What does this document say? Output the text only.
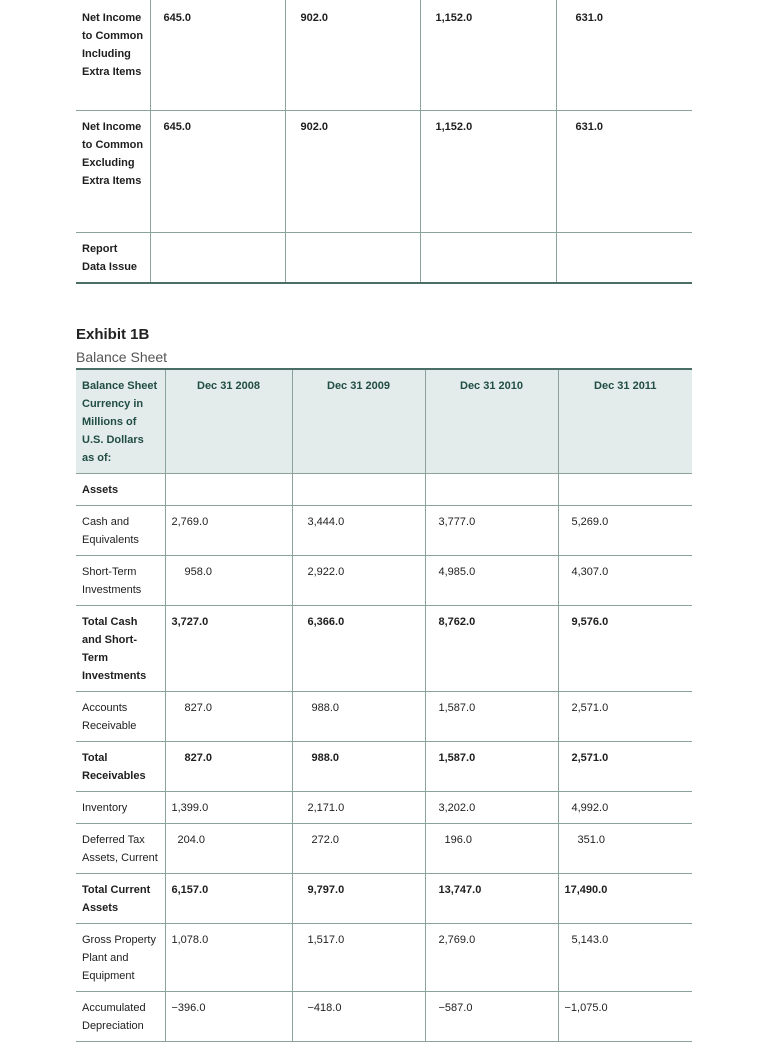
Net Income to Common Including Extra Items	645.0	902.0	1,152.0	631.0
Net Income to Common Excluding Extra Items	645.0	902.0	1,152.0	631.0
Report Data Issue				
Exhibit 1B
Balance Sheet
Balance Sheet Currency in Millions of U.S. Dollars as of:	Dec 31 2008	Dec 31 2009	Dec 31 2010	Dec 31 2011
Assets				
Cash and Equivalents	2,769.0	3,444.0	3,777.0	5,269.0
Short-Term Investments	958.0	2,922.0	4,985.0	4,307.0
Total Cash and Short-Term Investments	3,727.0	6,366.0	8,762.0	9,576.0
Accounts Receivable	827.0	988.0	1,587.0	2,571.0
Total Receivables	827.0	988.0	1,587.0	2,571.0
Inventory	1,399.0	2,171.0	3,202.0	4,992.0
Deferred Tax Assets, Current	204.0	272.0	196.0	351.0
Total Current Assets	6,157.0	9,797.0	13,747.0	17,490.0
Gross Property Plant and Equipment	1,078.0	1,517.0	2,769.0	5,143.0
Accumulated Depreciation	−396.0	−418.0	−587.0	−1,075.0
